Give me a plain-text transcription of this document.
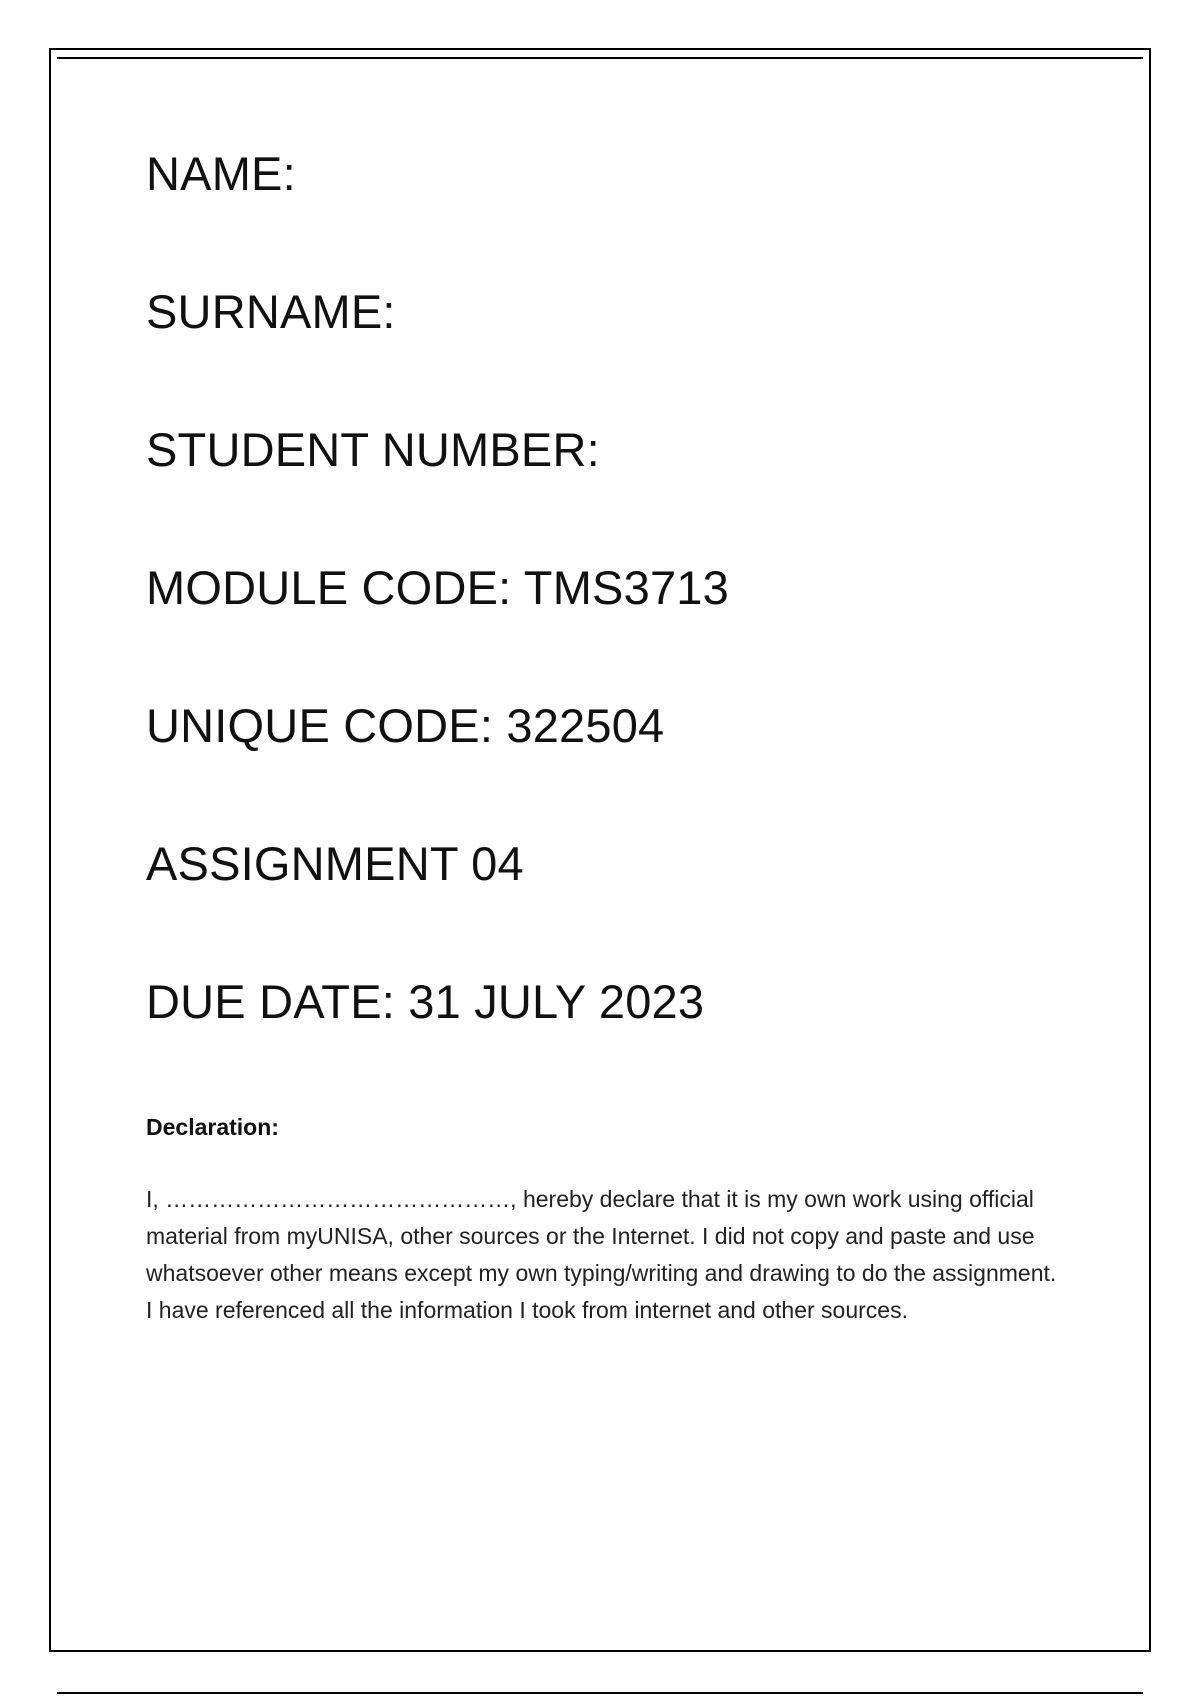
NAME:
SURNAME:
STUDENT NUMBER:
MODULE CODE: TMS3713
UNIQUE CODE: 322504
ASSIGNMENT 04
DUE DATE: 31 JULY 2023
Declaration:

I, ………………………………………, hereby declare that it is my own work using official material from myUNISA, other sources or the Internet. I did not copy and paste and use whatsoever other means except my own typing/writing and drawing to do the assignment. I have referenced all the information I took from internet and other sources.
